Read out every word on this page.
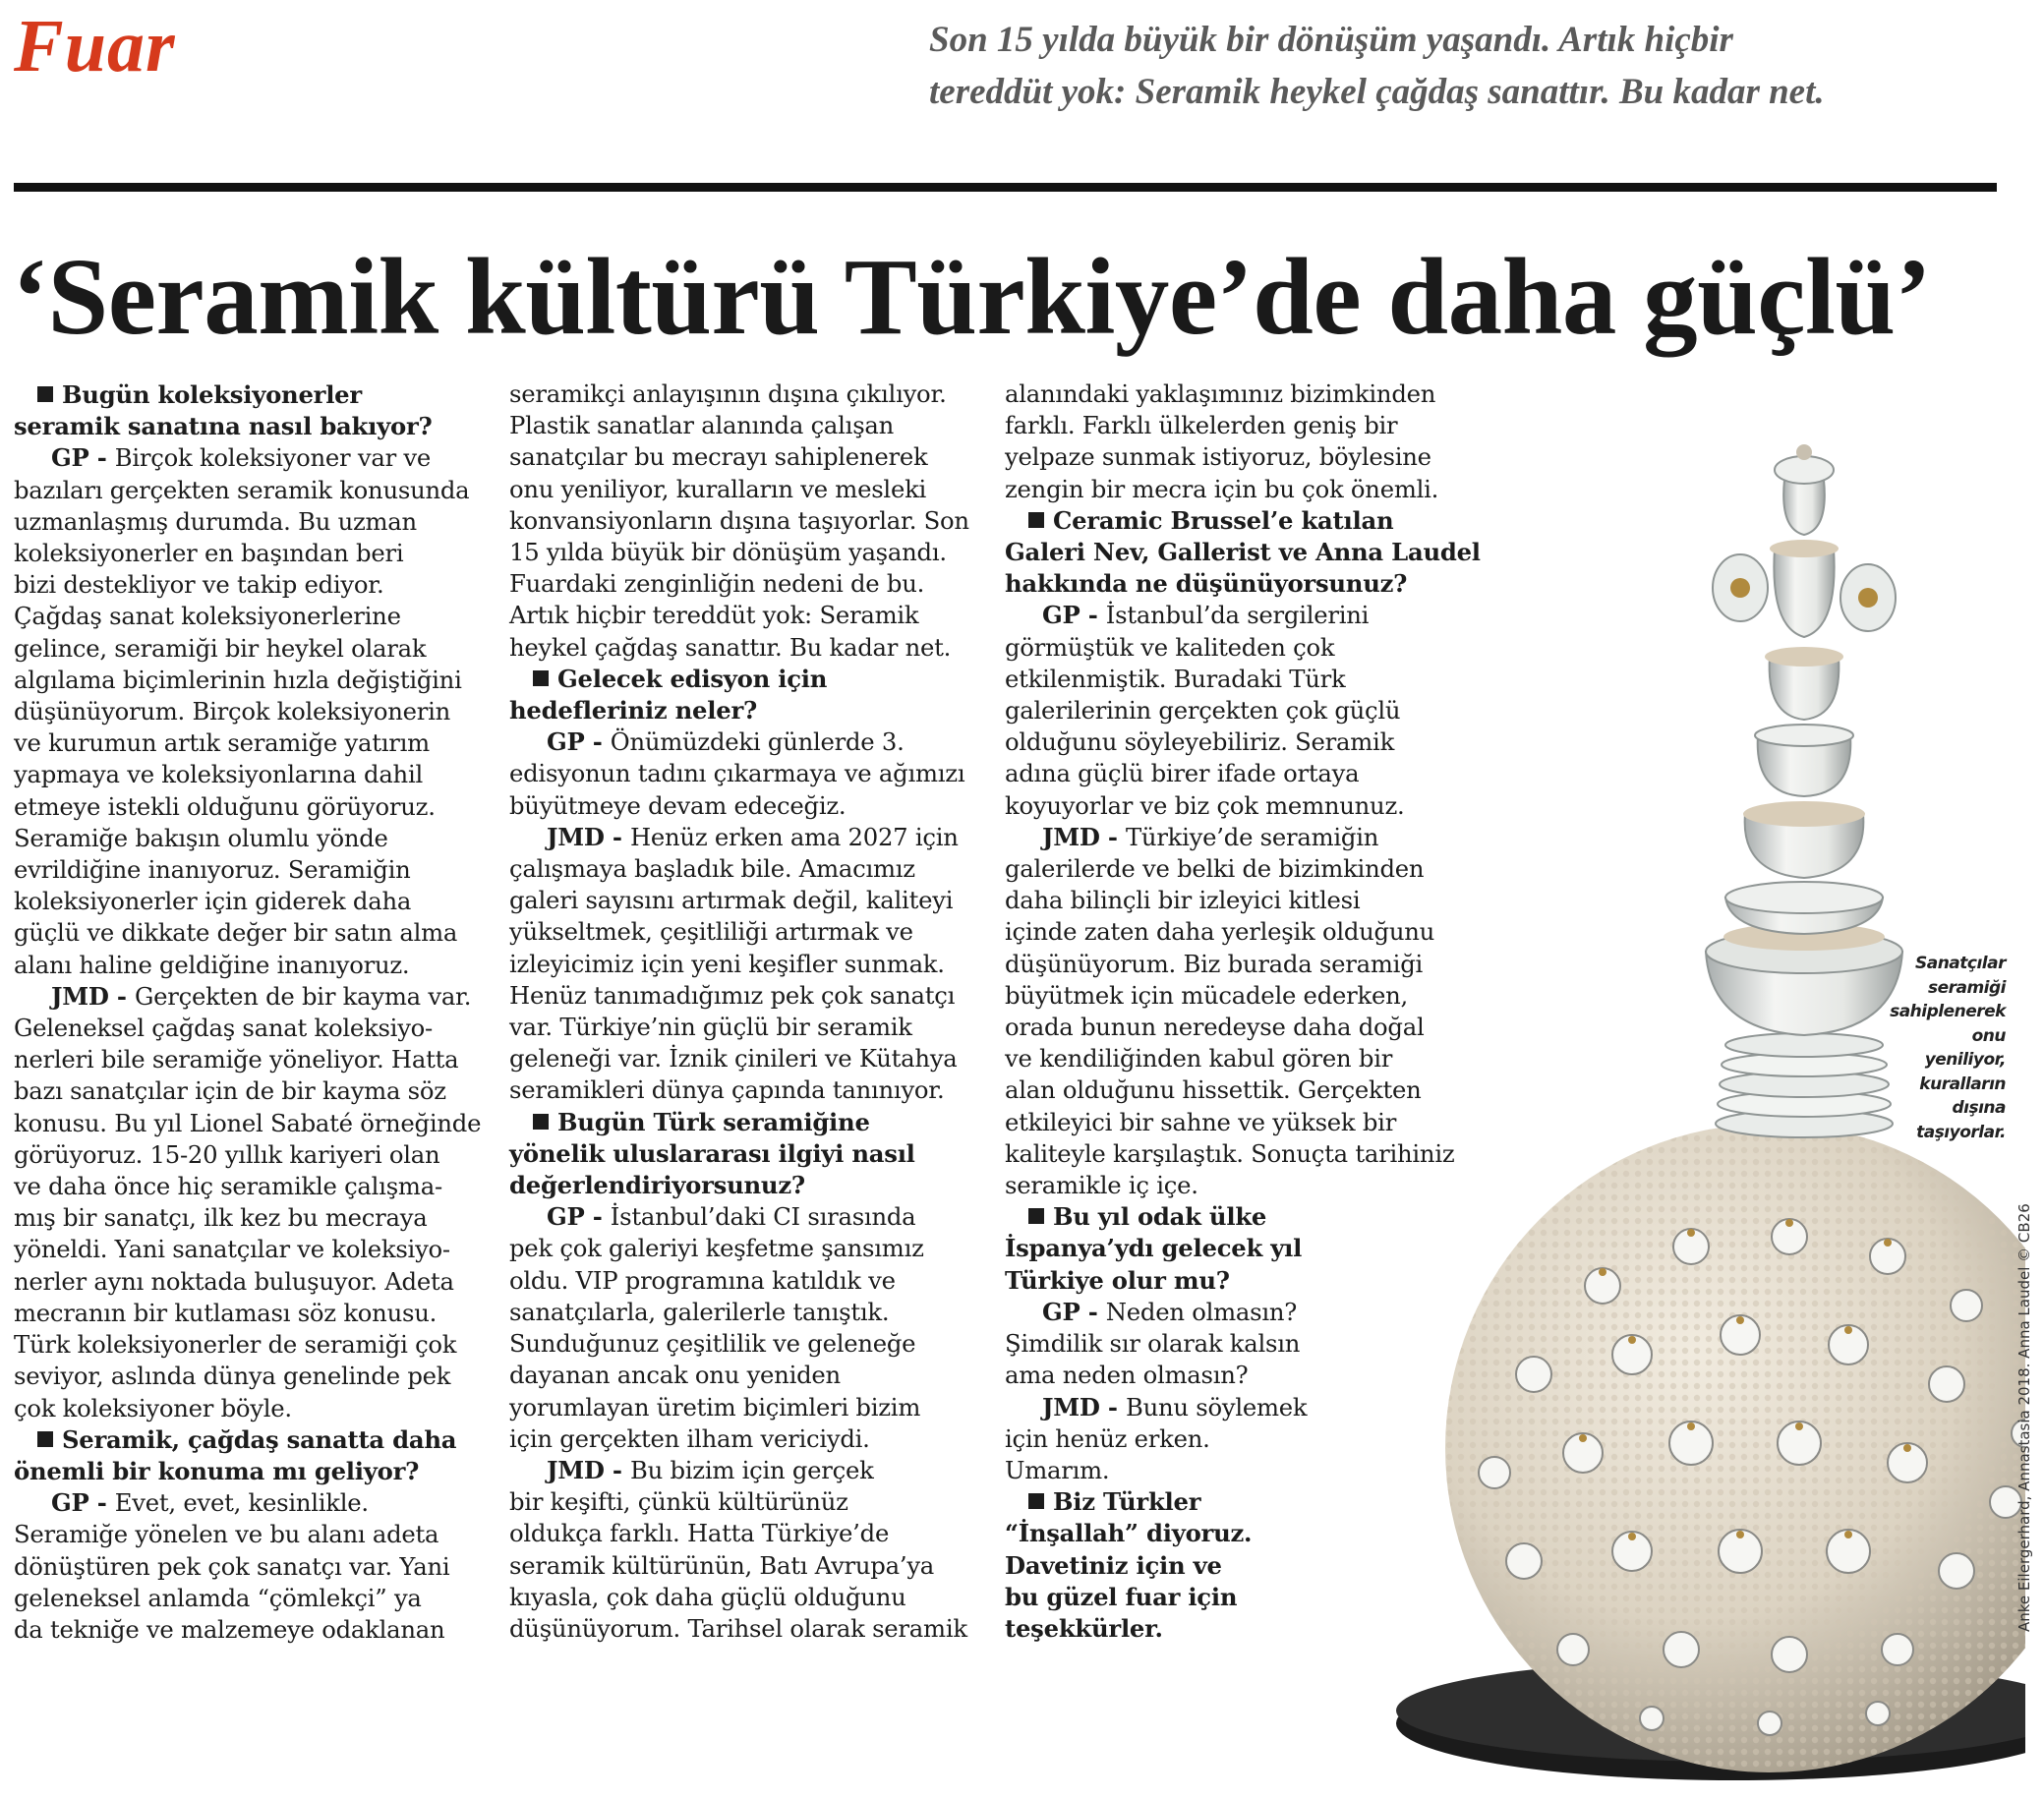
Fuar	Son 15 yılda büyük bir dönüşüm yaşandı. Artık hiçbir
tereddüt yok: Seramik heykel çağdaş sanattır. Bu kadar net.
‘Seramik kültürü Türkiye’de daha güçlü’
Bugün koleksiyonerler
seramik sanatına nasıl bakıyor?
GP - Birçok koleksiyoner var ve
bazıları gerçekten seramik konusunda
uzmanlaşmış durumda. Bu uzman
koleksiyonerler en başından beri
bizi destekliyor ve takip ediyor.
Çağdaş sanat koleksiyonerlerine
gelince, seramiği bir heykel olarak
algılama biçimlerinin hızla değiştiğini
düşünüyorum. Birçok koleksiyonerin
ve kurumun artık seramiğe yatırım
yapmaya ve koleksiyonlarına dahil
etmeye istekli olduğunu görüyoruz.
Seramiğe bakışın olumlu yönde
evrildiğine inanıyoruz. Seramiğin
koleksiyonerler için giderek daha
güçlü ve dikkate değer bir satın alma
alanı haline geldiğine inanıyoruz.
JMD - Gerçekten de bir kayma var.
Geleneksel çağdaş sanat koleksiyo-
nerleri bile seramiğe yöneliyor. Hatta
bazı sanatçılar için de bir kayma söz
konusu. Bu yıl Lionel Sabaté örneğinde
görüyoruz. 15-20 yıllık kariyeri olan
ve daha önce hiç seramikle çalışma-
mış bir sanatçı, ilk kez bu mecraya
yöneldi. Yani sanatçılar ve koleksiyo-
nerler aynı noktada buluşuyor. Adeta
mecranın bir kutlaması söz konusu.
Türk koleksiyonerler de seramiği çok
seviyor, aslında dünya genelinde pek
çok koleksiyoner böyle.
Seramik, çağdaş sanatta daha
önemli bir konuma mı geliyor?
GP - Evet, evet, kesinlikle.
Seramiğe yönelen ve bu alanı adeta
dönüştüren pek çok sanatçı var. Yani
geleneksel anlamda “çömlekçi” ya
da tekniğe ve malzemeye odaklanan
seramikçi anlayışının dışına çıkılıyor.
Plastik sanatlar alanında çalışan
sanatçılar bu mecrayı sahiplenerek
onu yeniliyor, kuralların ve mesleki
konvansiyonların dışına taşıyorlar. Son
15 yılda büyük bir dönüşüm yaşandı.
Fuardaki zenginliğin nedeni de bu.
Artık hiçbir tereddüt yok: Seramik
heykel çağdaş sanattır. Bu kadar net.
Gelecek edisyon için
hedefleriniz neler?
GP - Önümüzdeki günlerde 3.
edisyonun tadını çıkarmaya ve ağımızı
büyütmeye devam edeceğiz.
JMD - Henüz erken ama 2027 için
çalışmaya başladık bile. Amacımız
galeri sayısını artırmak değil, kaliteyi
yükseltmek, çeşitliliği artırmak ve
izleyicimiz için yeni keşifler sunmak.
Henüz tanımadığımız pek çok sanatçı
var. Türkiye’nin güçlü bir seramik
geleneği var. İznik çinileri ve Kütahya
seramikleri dünya çapında tanınıyor.
Bugün Türk seramiğine
yönelik uluslararası ilgiyi nasıl
değerlendiriyorsunuz?
GP - İstanbul’daki CI sırasında
pek çok galeriyi keşfetme şansımız
oldu. VIP programına katıldık ve
sanatçılarla, galerilerle tanıştık.
Sunduğunuz çeşitlilik ve geleneğe
dayanan ancak onu yeniden
yorumlayan üretim biçimleri bizim
için gerçekten ilham vericiydi.
JMD - Bu bizim için gerçek
bir keşifti, çünkü kültürünüz
oldukça farklı. Hatta Türkiye’de
seramik kültürünün, Batı Avrupa’ya
kıyasla, çok daha güçlü olduğunu
düşünüyorum. Tarihsel olarak seramik
alanındaki yaklaşımınız bizimkinden
farklı. Farklı ülkelerden geniş bir
yelpaze sunmak istiyoruz, böylesine
zengin bir mecra için bu çok önemli.
Ceramic Brussel’e katılan
Galeri Nev, Gallerist ve Anna Laudel
hakkında ne düşünüyorsunuz?
GP - İstanbul’da sergilerini
görmüştük ve kaliteden çok
etkilenmiştik. Buradaki Türk
galerilerinin gerçekten çok güçlü
olduğunu söyleyebiliriz. Seramik
adına güçlü birer ifade ortaya
koyuyorlar ve biz çok memnunuz.
JMD - Türkiye’de seramiğin
galerilerde ve belki de bizimkinden
daha bilinçli bir izleyici kitlesi
içinde zaten daha yerleşik olduğunu
düşünüyorum. Biz burada seramiği
büyütmek için mücadele ederken,
orada bunun neredeyse daha doğal
ve kendiliğinden kabul gören bir
alan olduğunu hissettik. Gerçekten
etkileyici bir sahne ve yüksek bir
kaliteyle karşılaştık. Sonuçta tarihiniz
seramikle iç içe.
Bu yıl odak ülke
İspanya’ydı gelecek yıl
Türkiye olur mu?
GP - Neden olmasın?
Şimdilik sır olarak kalsın
ama neden olmasın?
JMD - Bunu söylemek
için henüz erken.
Umarım.
Biz Türkler
“İnşallah” diyoruz.
Davetiniz için ve
bu güzel fuar için
teşekkürler.
Sanatçılar
seramiği
sahiplenerek
onu
yeniliyor,
kuralların
dışına
taşıyorlar.
Anke Eilergerhard, Annastasia 2018. Anna Laudel © CB26
